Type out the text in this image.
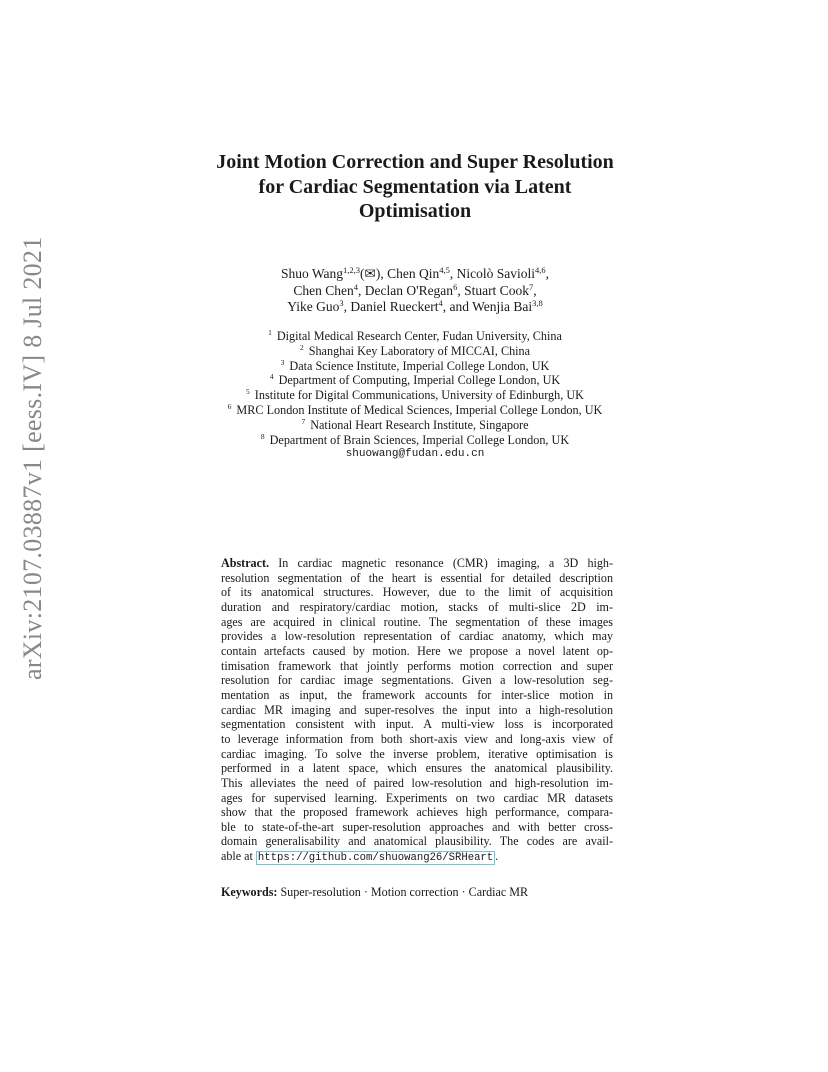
arXiv:2107.03887v1 [eess.IV] 8 Jul 2021
Joint Motion Correction and Super Resolution
for Cardiac Segmentation via Latent
Optimisation
Shuo Wang$^{1,2,3}$(✉), Chen Qin$^{4,5}$, Nicolò Savioli$^{4,6}$,
Chen Chen$^4$, Declan O'Regan$^6$, Stuart Cook$^7$,
Yike Guo$^3$, Daniel Rueckert$^4$, and Wenjia Bai$^{3,8}$
$^1$ Digital Medical Research Center, Fudan University, China
$^2$ Shanghai Key Laboratory of MICCAI, China
$^3$ Data Science Institute, Imperial College London, UK
$^4$ Department of Computing, Imperial College London, UK
$^5$ Institute for Digital Communications, University of Edinburgh, UK
$^6$ MRC London Institute of Medical Sciences, Imperial College London, UK
$^7$ National Heart Research Institute, Singapore
$^8$ Department of Brain Sciences, Imperial College London, UK
shuowang@fudan.edu.cn
Abstract. In cardiac magnetic resonance (CMR) imaging, a 3D high-
resolution segmentation of the heart is essential for detailed description
of its anatomical structures. However, due to the limit of acquisition
duration and respiratory/cardiac motion, stacks of multi-slice 2D im-
ages are acquired in clinical routine. The segmentation of these images
provides a low-resolution representation of cardiac anatomy, which may
contain artefacts caused by motion. Here we propose a novel latent op-
timisation framework that jointly performs motion correction and super
resolution for cardiac image segmentations. Given a low-resolution seg-
mentation as input, the framework accounts for inter-slice motion in
cardiac MR imaging and super-resolves the input into a high-resolution
segmentation consistent with input. A multi-view loss is incorporated
to leverage information from both short-axis view and long-axis view of
cardiac imaging. To solve the inverse problem, iterative optimisation is
performed in a latent space, which ensures the anatomical plausibility.
This alleviates the need of paired low-resolution and high-resolution im-
ages for supervised learning. Experiments on two cardiac MR datasets
show that the proposed framework achieves high performance, compara-
ble to state-of-the-art super-resolution approaches and with better cross-
domain generalisability and anatomical plausibility. The codes are avail-
able at https://github.com/shuowang26/SRHeart .
Keywords: Super-resolution · Motion correction · Cardiac MR
